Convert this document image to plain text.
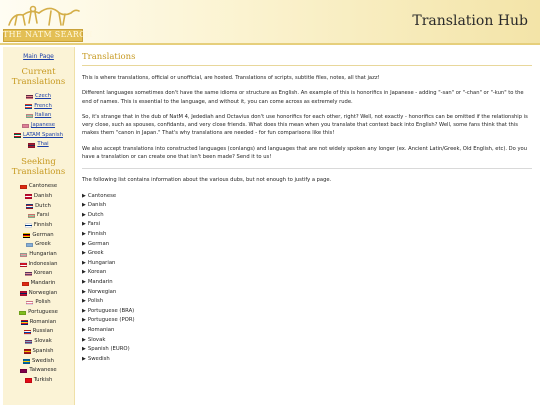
THE NATM SEARCH
Translation Hub
Main Page
Current
Translations
Czech
French
Italian
Japanese
LATAM Spanish
Thai
Seeking
Translations
Cantonese
Danish
Dutch
Farsi
Finnish
German
Greek
Hungarian
Indonesian
Korean
Mandarin
Norwegian
Polish
Portuguese
Romanian
Russian
Slovak
Spanish
Swedish
Taiwanese
Turkish
Translations

This is where translations, official or unofficial, are hosted. Translations of scripts, subtitle files, notes, all that jazz!

Different languages sometimes don't have the same idioms or structure as English. An example of this is honorifics in Japanese - adding "-san" or "-chan" or "-kun" to the end of names. This is essential to the language, and without it, you can come across as extremely rude.

So, it's strange that in the dub of NatM 4, Jedediah and Octavius don't use honorifics for each other, right? Well, not exactly - honorifics can be omitted if the relationship is very close, such as spouses, confidants, and very close friends. What does this mean when you translate that context back into English? Well, some fans think that this makes them "canon in Japan." That's why translations are needed - for fun comparisons like this!

We also accept translations into constructed languages (conlangs) and languages that are not widely spoken any longer (ex. Ancient Latin/Greek, Old English, etc). Do you have a translation or can create one that isn't been made? Send it to us!

The following list contains information about the various dubs, but not enough to justify a page.

▶ Cantonese
▶ Danish
▶ Dutch
▶ Farsi
▶ Finnish
▶ German
▶ Greek
▶ Hungarian
▶ Korean
▶ Mandarin
▶ Norwegian
▶ Polish
▶ Portuguese (BRA)
▶ Portuguese (POR)
▶ Romanian
▶ Slovak
▶ Spanish (EURO)
▶ Swedish
